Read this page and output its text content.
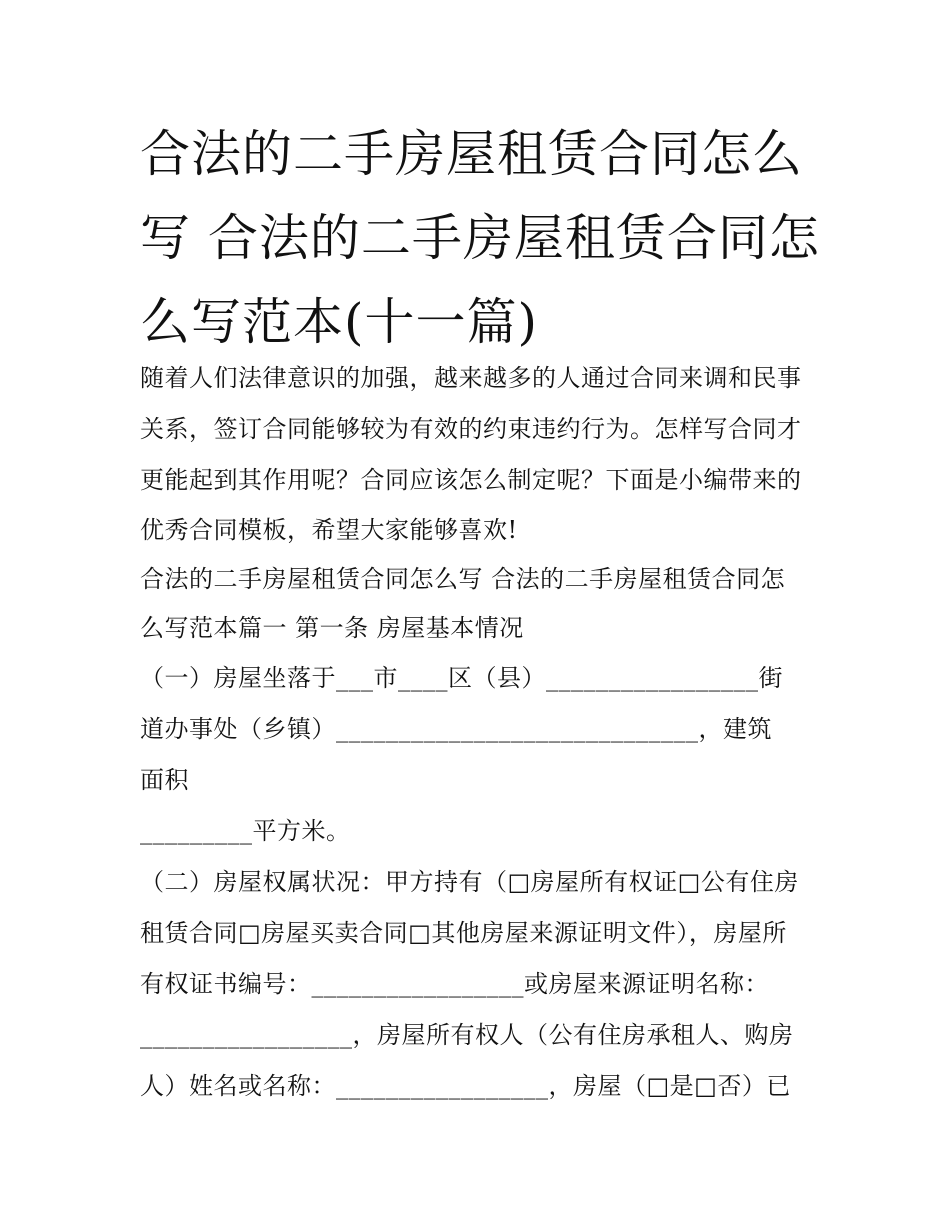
合法的二手房屋租赁合同怎么
写 合法的二手房屋租赁合同怎
么写范本(十一篇)
随着人们法律意识的加强，越来越多的人通过合同来调和民事
关系，签订合同能够较为有效的约束违约行为。怎样写合同才
更能起到其作用呢？合同应该怎么制定呢？下面是小编带来的
优秀合同模板，希望大家能够喜欢!
合法的二手房屋租赁合同怎么写 合法的二手房屋租赁合同怎
么写范本篇一 第一条 房屋基本情况
（一）房屋坐落于___市____区（县）_________________街
道办事处（乡镇）_____________________________，建筑
面积
_________平方米。
（二）房屋权属状况：甲方持有（□房屋所有权证□公有住房
租赁合同□房屋买卖合同□其他房屋来源证明文件），房屋所
有权证书编号：_________________或房屋来源证明名称：
_________________，房屋所有权人（公有住房承租人、购房
人）姓名或名称：_________________，房屋（□是□否）已
